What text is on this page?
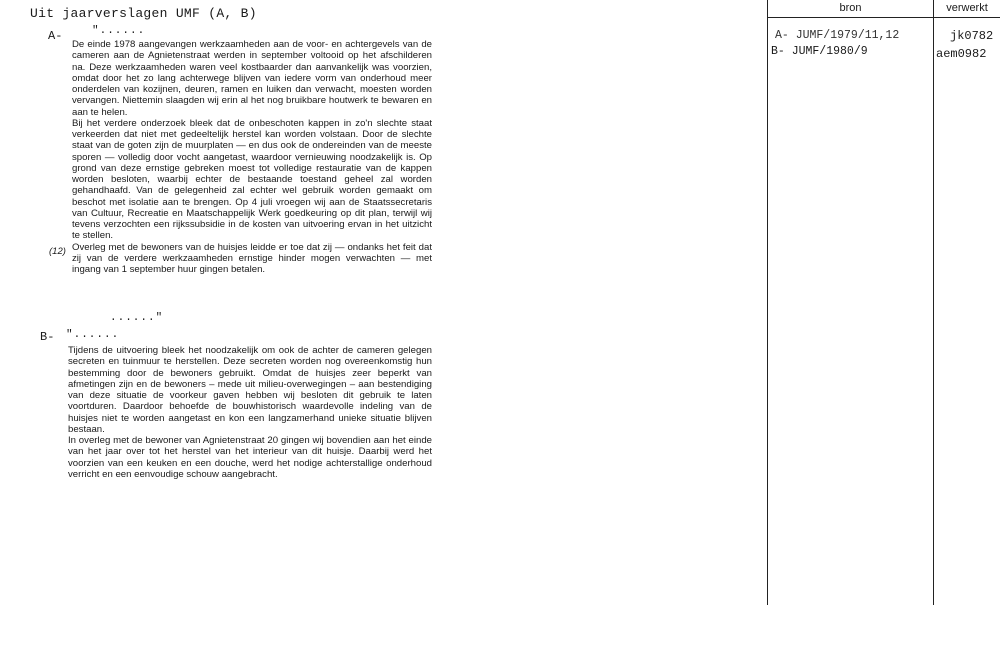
Uit jaarverslagen UMF (A, B)
A-	"......

De einde 1978 aangevangen werkzaamheden aan de voor- en achtergevels van de cameren aan de Agnietenstraat werden in september voltooid op het afschilderen na. Deze werkzaamheden waren veel kostbaarder dan aanvankelijk was voorzien, omdat door het zo lang achterwege blijven van iedere vorm van onderhoud meer onderdelen van kozijnen, deuren, ramen en luiken dan verwacht, moesten worden vervangen. Niettemin slaagden wij erin al het nog bruikbare houtwerk te bewaren en aan te helen.

Bij het verdere onderzoek bleek dat de onbeschoten kappen in zo'n slechte staat verkeerden dat niet met gedeeltelijk herstel kan worden volstaan. Door de slechte staat van de goten zijn de muurplaten — en dus ook de ondereinden van de meeste sporen — volledig door vocht aangetast, waardoor vernieuwing noodzakelijk is. Op grond van deze ernstige gebreken moest tot volledige restauratie van de kappen worden besloten, waarbij echter de bestaande toestand geheel zal worden gehandhaafd. Van de gelegenheid zal echter wel gebruik worden gemaakt om beschot met isolatie aan te brengen. Op 4 juli vroegen wij aan de Staatssecretaris van Cultuur, Recreatie en Maatschappelijk Werk goedkeuring op dit plan, terwijl wij tevens verzochten een rijkssubsidie in de kosten van uitvoering ervan in het uitzicht te stellen.

Overleg met de bewoners van de huisjes leidde er toe dat zij — ondanks het feit dat zij van de verdere werkzaamheden ernstige hinder mogen verwachten — met ingang van 1 september huur gingen betalen.

(12)
......"
B- "......

Tijdens de uitvoering bleek het noodzakelijk om ook de achter de cameren gelegen secreten en tuinmuur te herstellen. Deze secreten worden nog overeenkomstig hun bestemming door de bewoners gebruikt. Omdat de huisjes zeer beperkt van afmetingen zijn en de bewoners – mede uit milieu-overwegingen – aan bestendiging van deze situatie de voorkeur gaven hebben wij besloten dit gebruik te laten voortduren. Daardoor behoefde de bouwhistorisch waardevolle indeling van de huisjes niet te worden aangetast en kon een langzamerhand unieke situatie blijven bestaan.

In overleg met de bewoner van Agnietenstraat 20 gingen wij bovendien aan het einde van het jaar over tot het herstel van het interieur van dit huisje. Daarbij werd het voorzien van een keuken en een douche, werd het nodige achterstallige onderhoud verricht en een eenvoudige schouw aangebracht.

bron	verwerkt
A- JUMF/1979/11,12	jk0782
B- JUMF/1980/9	aem0982
